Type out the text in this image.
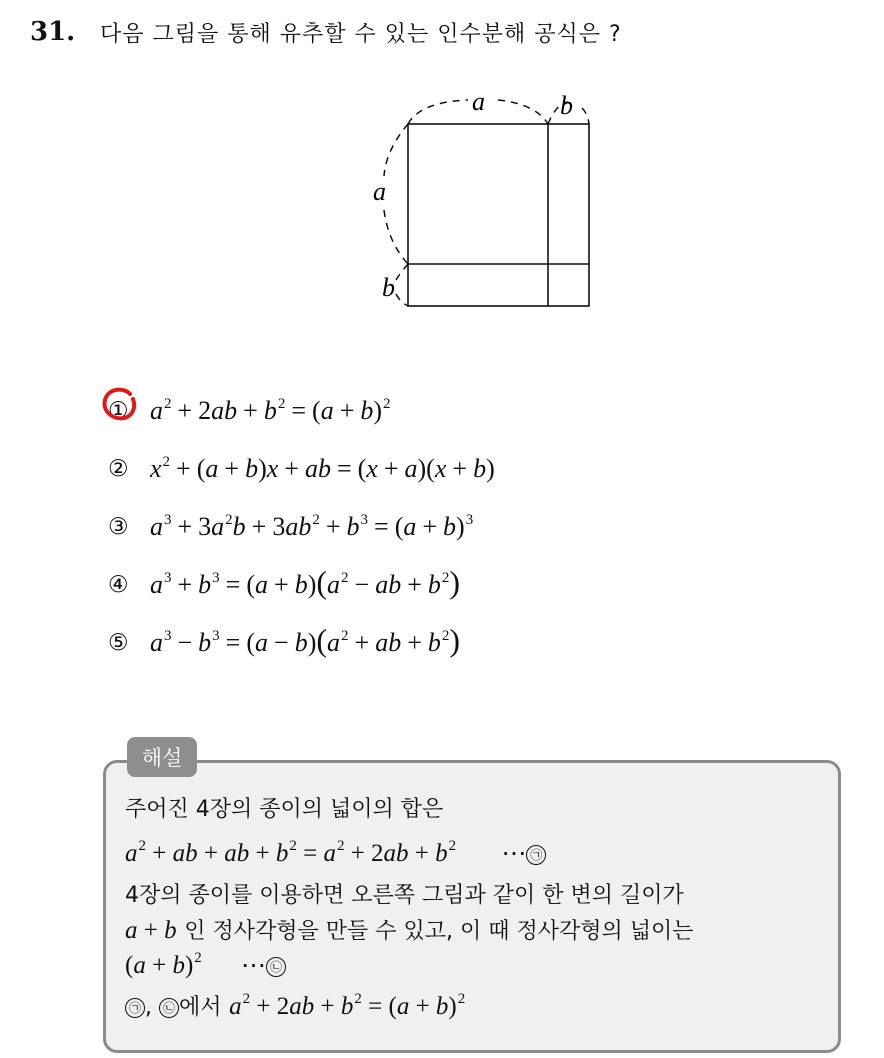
31.	다음 그림을 통해 유추할 수 있는 인수분해 공식은 ?
a	b
a
b
① $a^2 + 2ab + b^2 = (a + b)^2$
② $x^2 + (a + b)x$ + ab = (x + a)(x + b)
③ $a^3 + 3a^2b + 3ab^2 + b^3 = (a + b)^3$
④ $a^3 + b^3 = (a + b)(a^2$ − ab + $b^2$)
⑤ $a^3 - b^3 = (a - b)(a^2$ + ab + $b^2$)
해설
주어진 4장의 종이의 넓이의 합은
$a^2$ + ab + ab + $b^2 = a^2 + 2ab + b^2$ ⋯ ㉠
4장의 종이를 이용하면 오른쪽 그림과 같이 한 변의 길이가
a + b 인 정사각형을 만들 수 있고, 이 때 정사각형의 넓이는
$(a + b)^2$ ⋯ ㉡
㉠ , ㉡ 에서 $a^2 + 2ab + b^2 = (a + b)^2$
